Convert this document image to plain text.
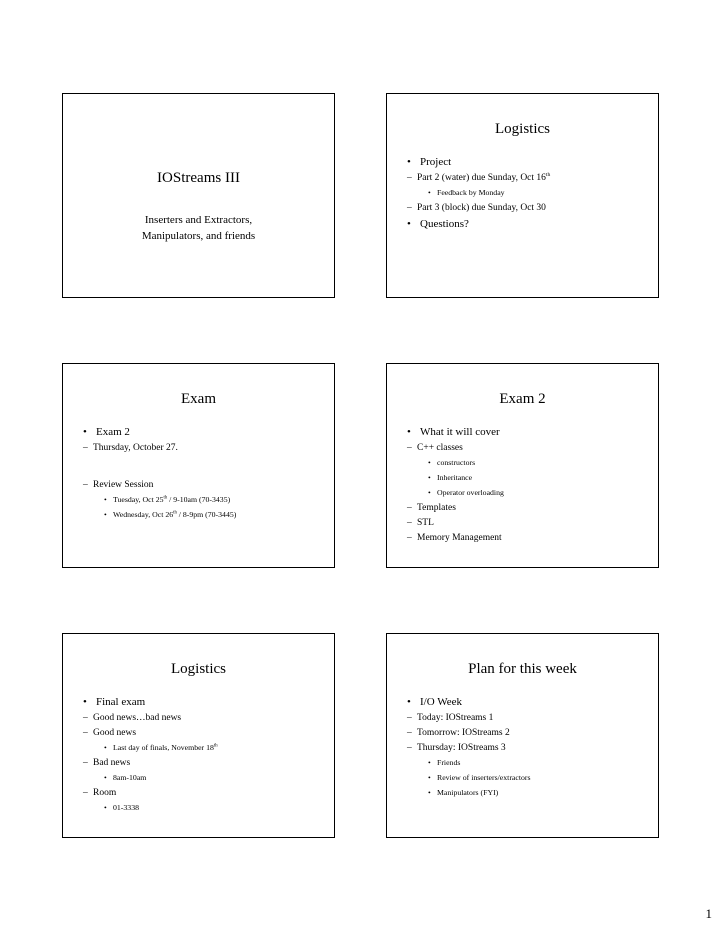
IOStreams III
Inserters and Extractors,
Manipulators, and friends
Logistics
• Project
– Part 2 (water) due Sunday, Oct 16th
• Feedback by Monday
– Part 3 (block) due Sunday, Oct 30
• Questions?
Exam
• Exam 2
– Thursday, October 27.
– Review Session
• Tuesday, Oct 25th / 9-10am (70-3435)
• Wednesday, Oct 26th / 8-9pm (70-3445)
Exam 2
• What it will cover
– C++ classes
• constructors
• Inheritance
• Operator overloading
– Templates
– STL
– Memory Management
Logistics
• Final exam
– Good news…bad news
– Good news
• Last day of finals, November 18th
– Bad news
• 8am-10am
– Room
• 01-3338
Plan for this week
• I/O Week
– Today: IOStreams 1
– Tomorrow: IOStreams 2
– Thursday: IOStreams 3
• Friends
• Review of inserters/extractors
• Manipulators (FYI)
1
